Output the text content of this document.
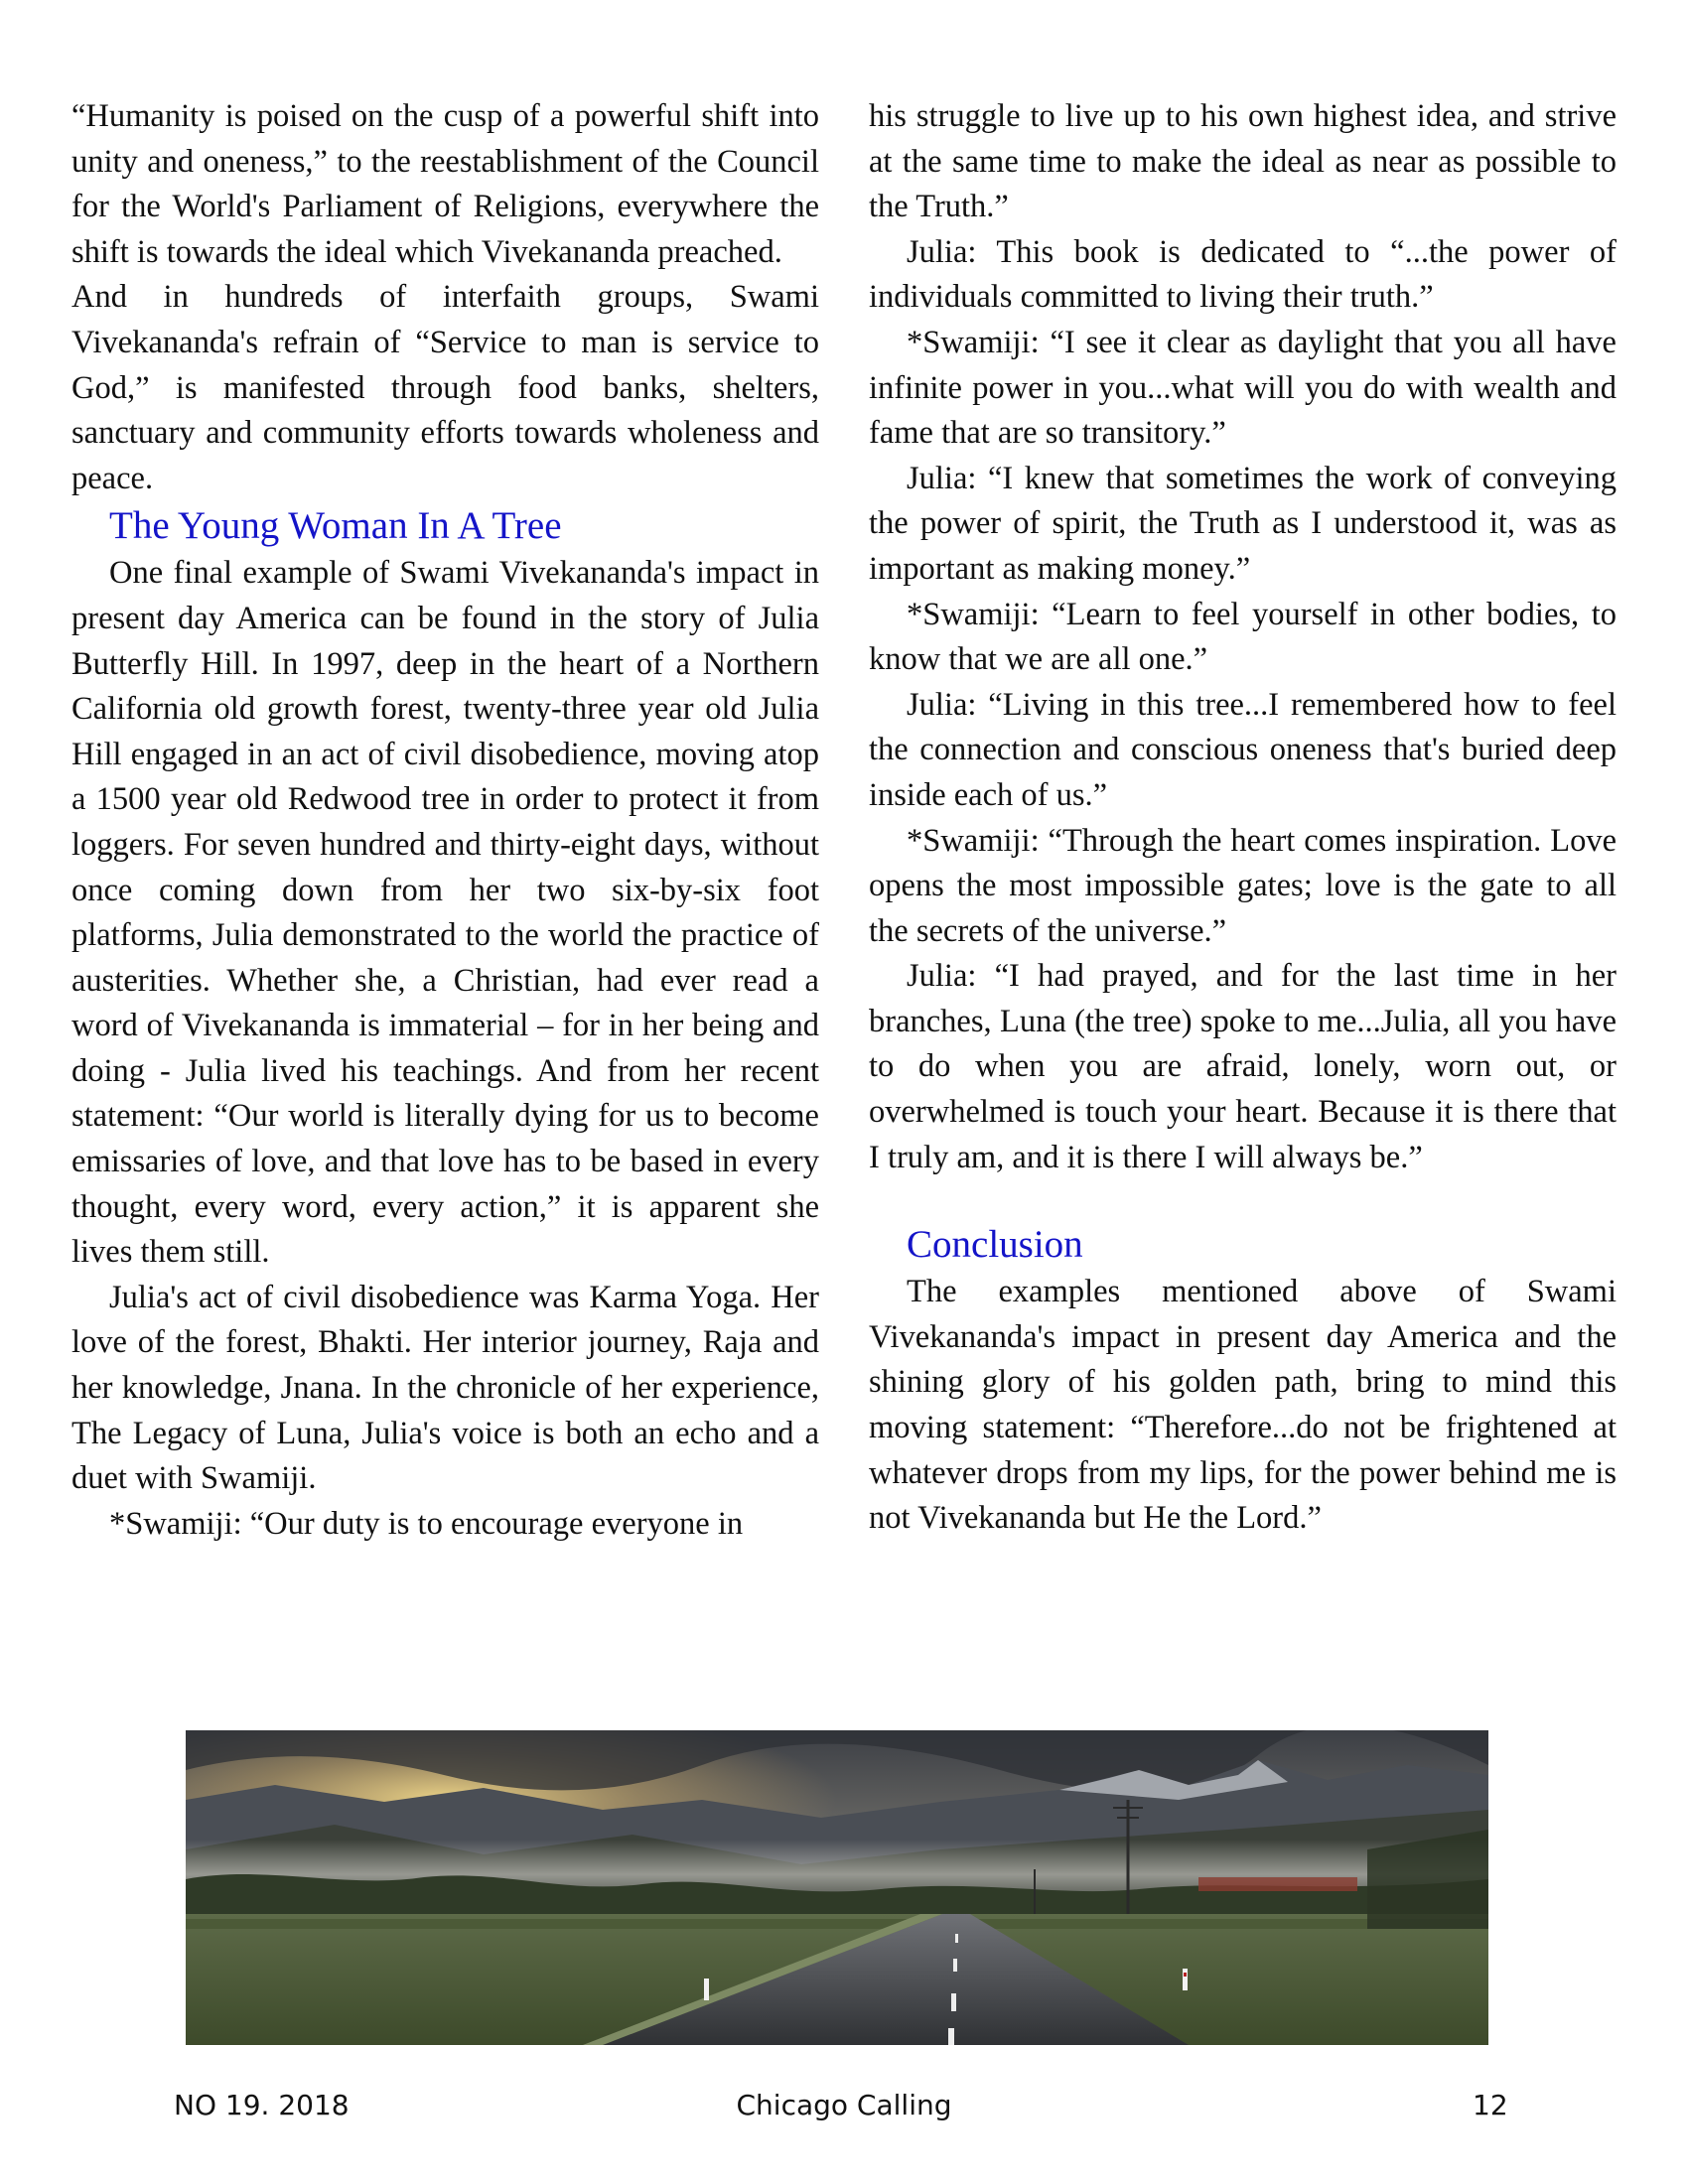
“Humanity is poised on the cusp of a powerful shift into unity and oneness,” to the reestablishment of the Council for the World's Parliament of Religions, everywhere the shift is towards the ideal which Vivekananda preached.

And in hundreds of interfaith groups, Swami Vivekananda's refrain of “Service to man is service to God,” is manifested through food banks, shelters, sanctuary and community efforts towards wholeness and peace.

The Young Woman In A Tree

One final example of Swami Vivekananda's impact in present day America can be found in the story of Julia Butterfly Hill. In 1997, deep in the heart of a Northern California old growth forest, twenty-three year old Julia Hill engaged in an act of civil disobedience, moving atop a 1500 year old Redwood tree in order to protect it from loggers. For seven hundred and thirty-eight days, without once coming down from her two six-by-six foot platforms, Julia demonstrated to the world the practice of austerities. Whether she, a Christian, had ever read a word of Vivekananda is immaterial – for in her being and doing - Julia lived his teachings. And from her recent statement: “Our world is literally dying for us to become emissaries of love, and that love has to be based in every thought, every word, every action,” it is apparent she lives them still.

Julia's act of civil disobedience was Karma Yoga. Her love of the forest, Bhakti. Her interior journey, Raja and her knowledge, Jnana. In the chronicle of her experience, The Legacy of Luna, Julia's voice is both an echo and a duet with Swamiji.

*Swamiji: “Our duty is to encourage everyone in

his struggle to live up to his own highest idea, and strive at the same time to make the ideal as near as possible to the Truth.”

Julia: This book is dedicated to “...the power of individuals committed to living their truth.”

*Swamiji: “I see it clear as daylight that you all have infinite power in you...what will you do with wealth and fame that are so transitory.”

Julia: “I knew that sometimes the work of conveying the power of spirit, the Truth as I understood it, was as important as making money.”

*Swamiji: “Learn to feel yourself in other bodies, to know that we are all one.”

Julia: “Living in this tree...I remembered how to feel the connection and conscious oneness that's buried deep inside each of us.”

*Swamiji: “Through the heart comes inspiration. Love opens the most impossible gates; love is the gate to all the secrets of the universe.”

Julia: “I had prayed, and for the last time in her branches, Luna (the tree) spoke to me...Julia, all you have to do when you are afraid, lonely, worn out, or overwhelmed is touch your heart. Because it is there that I truly am, and it is there I will always be.”

Conclusion

The examples mentioned above of Swami Vivekananda's impact in present day America and the shining glory of his golden path, bring to mind this moving statement: “Therefore...do not be frightened at whatever drops from my lips, for the power behind me is not Vivekananda but He the Lord.”

NO 19. 2018	Chicago Calling	12
